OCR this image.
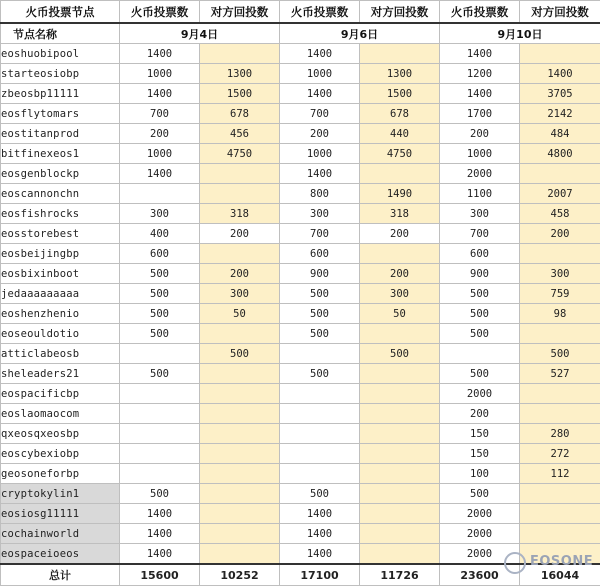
火币投票节点	火币投票数	对方回投数	火币投票数	对方回投数	火币投票数	对方回投数
节点名称	9月4日		9月6日		9月10日	
eoshuobipool	1400		1400		1400	
starteosiobp	1000	1300	1000	1300	1200	1400
zbeosbp11111	1400	1500	1400	1500	1400	3705
eosflytomars	700	678	700	678	1700	2142
eostitanprod	200	456	200	440	200	484
bitfinexeos1	1000	4750	1000	4750	1000	4800
eosgenblockp	1400		1400		2000	
eoscannonchn			800	1490	1100	2007
eosfishrocks	300	318	300	318	300	458
eosstorebest	400	200	700	200	700	200
eosbeijingbp	600		600		600	
eosbixinboot	500	200	900	200	900	300
jedaaaaaaaaa	500	300	500	300	500	759
eoshenzhenio	500	50	500	50	500	98
eoseouldotio	500		500		500	
atticlabeosb		500		500		500
sheleaders21	500		500		500	527
eospacificbp					2000	
eoslaomaocom					200	
qxeosqxeosbp					150	280
eoscybexiobp					150	272
geosoneforbp					100	112
cryptokylin1	500		500		500	
eosiosg11111	1400		1400		2000	
cochainworld	1400		1400		2000	
eospaceioeos	1400		1400		2000	
总计	15600	10252	17100	11726	23600	16044
EOSONE
